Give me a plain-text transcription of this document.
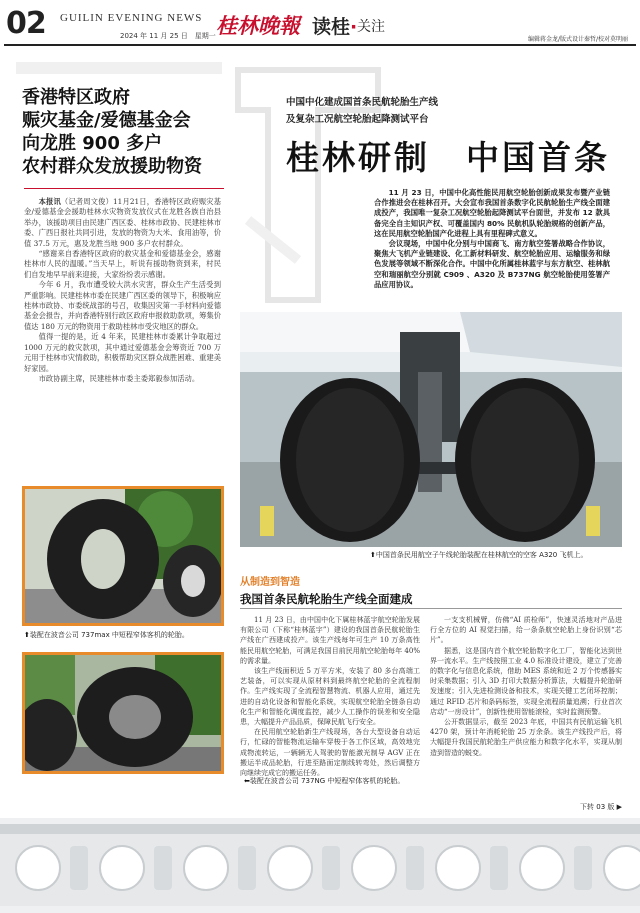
02 GUILIN EVENING NEWS
2024 年 11 月 25 日　星期一 桂林晚報 读桂· 关注
编辑蒋金龙/版式设计秦哲/校对莫明丽
香港特区政府
赈灾基金/爱德基金会
向龙胜 900 多户
农村群众发放援助物资

本报讯（记者周文俊）11月21日，香港特区政府赈灾基金/爱德基金会援助桂林水灾物资发放仪式在龙胜各族自治县举办，该援助项目由民建广西区委、桂林市政协、民建桂林市委、广西日报社共同引进，发放的物资为大米、食用油等，价值 37.5 万元，惠及龙胜当地 900 多户农村群众。

“感谢来自香港特区政府的救灾基金和爱德基金会，感谢桂林市人民的温暖。”当天早上，听说有援助物资到来，村民们自发地早早前来迎接，大家纷纷表示感谢。

今年 6 月，我市遭受较大洪水灾害，群众生产生活受到严重影响。民建桂林市委在民建广西区委的领导下，积极响应桂林市政协、市委统战部的号召，收集因灾第一手材料向爱德基金会报告，并向香港特别行政区政府申报救助款项，筹集价值达 180 万元的物资用于救助桂林市受灾地区的群众。

值得一提的是，近 4 年来，民建桂林市委累计争取超过 1000 万元的救灾款项，其中通过爱德基金会筹资近 700 万元用于桂林市灾情救助，积极帮助灾区群众战胜困难、重建美好家园。

市政协副主席，民建桂林市委主委郑毅参加活动。

⬆装配在波音公司 737max 中短程窄体客机的轮胎。
⬅装配在波音公司 737NG 中短程窄体客机的轮胎。
中国中化建成国首条民航轮胎生产线
及复杂工况航空轮胎起降测试平台
桂林研制　中国首条

11 月 23 日，中国中化高性能民用航空轮胎创新成果发布暨产业链合作推进会在桂林召开。大会宣布我国首条数字化民航轮胎生产线全面建成投产，我国唯一复杂工况航空轮胎起降测试平台面世，并发布 12 款具备完全自主知识产权、可覆盖国内 80% 民航机队轮胎规格的创新产品，这在民用航空轮胎国产化进程上具有里程碑式意义。

会议现场，中国中化分别与中国商飞、南方航空签署战略合作协议，聚焦大飞机产业链建设、化工新材料研发、航空轮胎应用、运输服务和绿色发展等领域不断深化合作。中国中化所属桂林蓝宇与东方航空、桂林航空和瑞丽航空分别就 C909 、A320 及 B737NG 航空轮胎使用签署产品应用协议。

⬆中国首条民用航空子午线轮胎装配在桂林航空的空客 A320 飞机上。
从制造到智造
我国首条民航轮胎生产线全面建成

11 月 23 日，由中国中化下属桂林蓝宇航空轮胎发展有限公司（下称“桂林蓝宇”）建设的我国首条民航轮胎生产线在广西建成投产。该生产线每年可生产 10 万条高性能民用航空轮胎，可满足我国目前民用航空轮胎每年 40% 的需求量。

该生产线面积近 5 万平方米，安装了 80 多台高端工艺装备，可以实现从原材料到最终航空轮胎的全流程制作。生产线实现了全流程智慧物流、机器人应用，通过先进的自动化设备和智能化系统，实现航空轮胎全链条自动化生产和智能化调度监控，减少人工操作的误差和安全隐患，大幅提升产品品质，保障民航飞行安全。

在民用航空轮胎新生产线现场，各台大型设备自动运行，忙碌的智能物流运输车穿梭于各工作区域，高效地完成物流转运，一辆辆无人驾驶的智能激光制导 AGV 正在搬运半成品轮胎，行进至路面定制线转弯处，然后调整方向继续完成它的搬运任务。

一支支机械臂，仿佛“AI 质检师”，快速灵活地对产品进行全方位的 AI 视觉扫描，给一条条航空轮胎上身份识别“芯片”。

据悉，这是国内首个航空轮胎数字化工厂，智能化达到世界一流水平。生产线按照工业 4.0 标准设计建设，建立了完善的数字化与信息化系统，借助 MES 系统和近 2 万个传感器实时采集数据；引入 3D 打印大数据分析算法，大幅提升轮胎研发速度；引入先进检测设备和技术，实现关键工艺闭环控制；通过 RFID 芯片和条码标签，实现全流程质量追溯；行业首次店动“一房设计”，创新性使用智能滚检，实时监测预警。

公开数据显示，截至 2023 年底，中国共有民航运输飞机 4270 架，预计年消耗轮胎 25 万余条。该生产线投产后，将大幅提升我国民航轮胎生产供应能力和数字化水平，实现从制造到智造的蜕变。

下转 03 版 ▶
